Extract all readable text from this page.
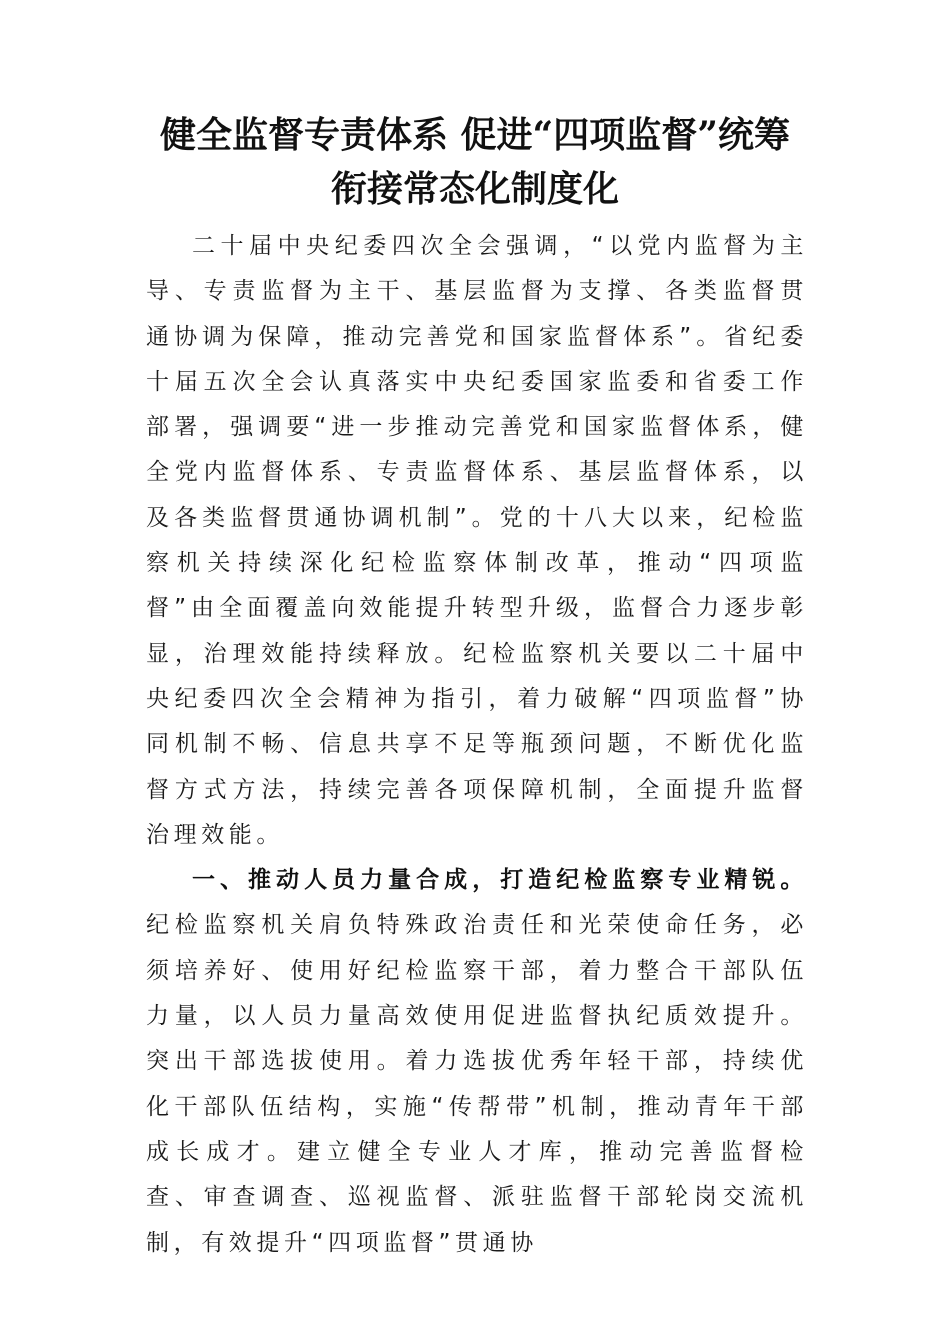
健全监督专责体系 促进“四项监督”统筹
衔接常态化制度化

二十届中央纪委四次全会强调，“以党内监督为主导、专责监督为主干、基层监督为支撑、各类监督贯通协调为保障，推动完善党和国家监督体系”。省纪委十届五次全会认真落实中央纪委国家监委和省委工作部署，强调要“进一步推动完善党和国家监督体系，健全党内监督体系、专责监督体系、基层监督体系，以及各类监督贯通协调机制”。党的十八大以来，纪检监察机关持续深化纪检监察体制改革，推动“四项监督”由全面覆盖向效能提升转型升级，监督合力逐步彰显，治理效能持续释放。纪检监察机关要以二十届中央纪委四次全会精神为指引，着力破解“四项监督”协同机制不畅、信息共享不足等瓶颈问题，不断优化监督方式方法，持续完善各项保障机制，全面提升监督治理效能。

一、推动人员力量合成，打造纪检监察专业精锐。纪检监察机关肩负特殊政治责任和光荣使命任务，必须培养好、使用好纪检监察干部，着力整合干部队伍力量，以人员力量高效使用促进监督执纪质效提升。突出干部选拔使用。着力选拔优秀年轻干部，持续优化干部队伍结构，实施“传帮带”机制，推动青年干部成长成才。建立健全专业人才库，推动完善监督检查、审查调查、巡视监督、派驻监督干部轮岗交流机制，有效提升“四项监督”贯通协
